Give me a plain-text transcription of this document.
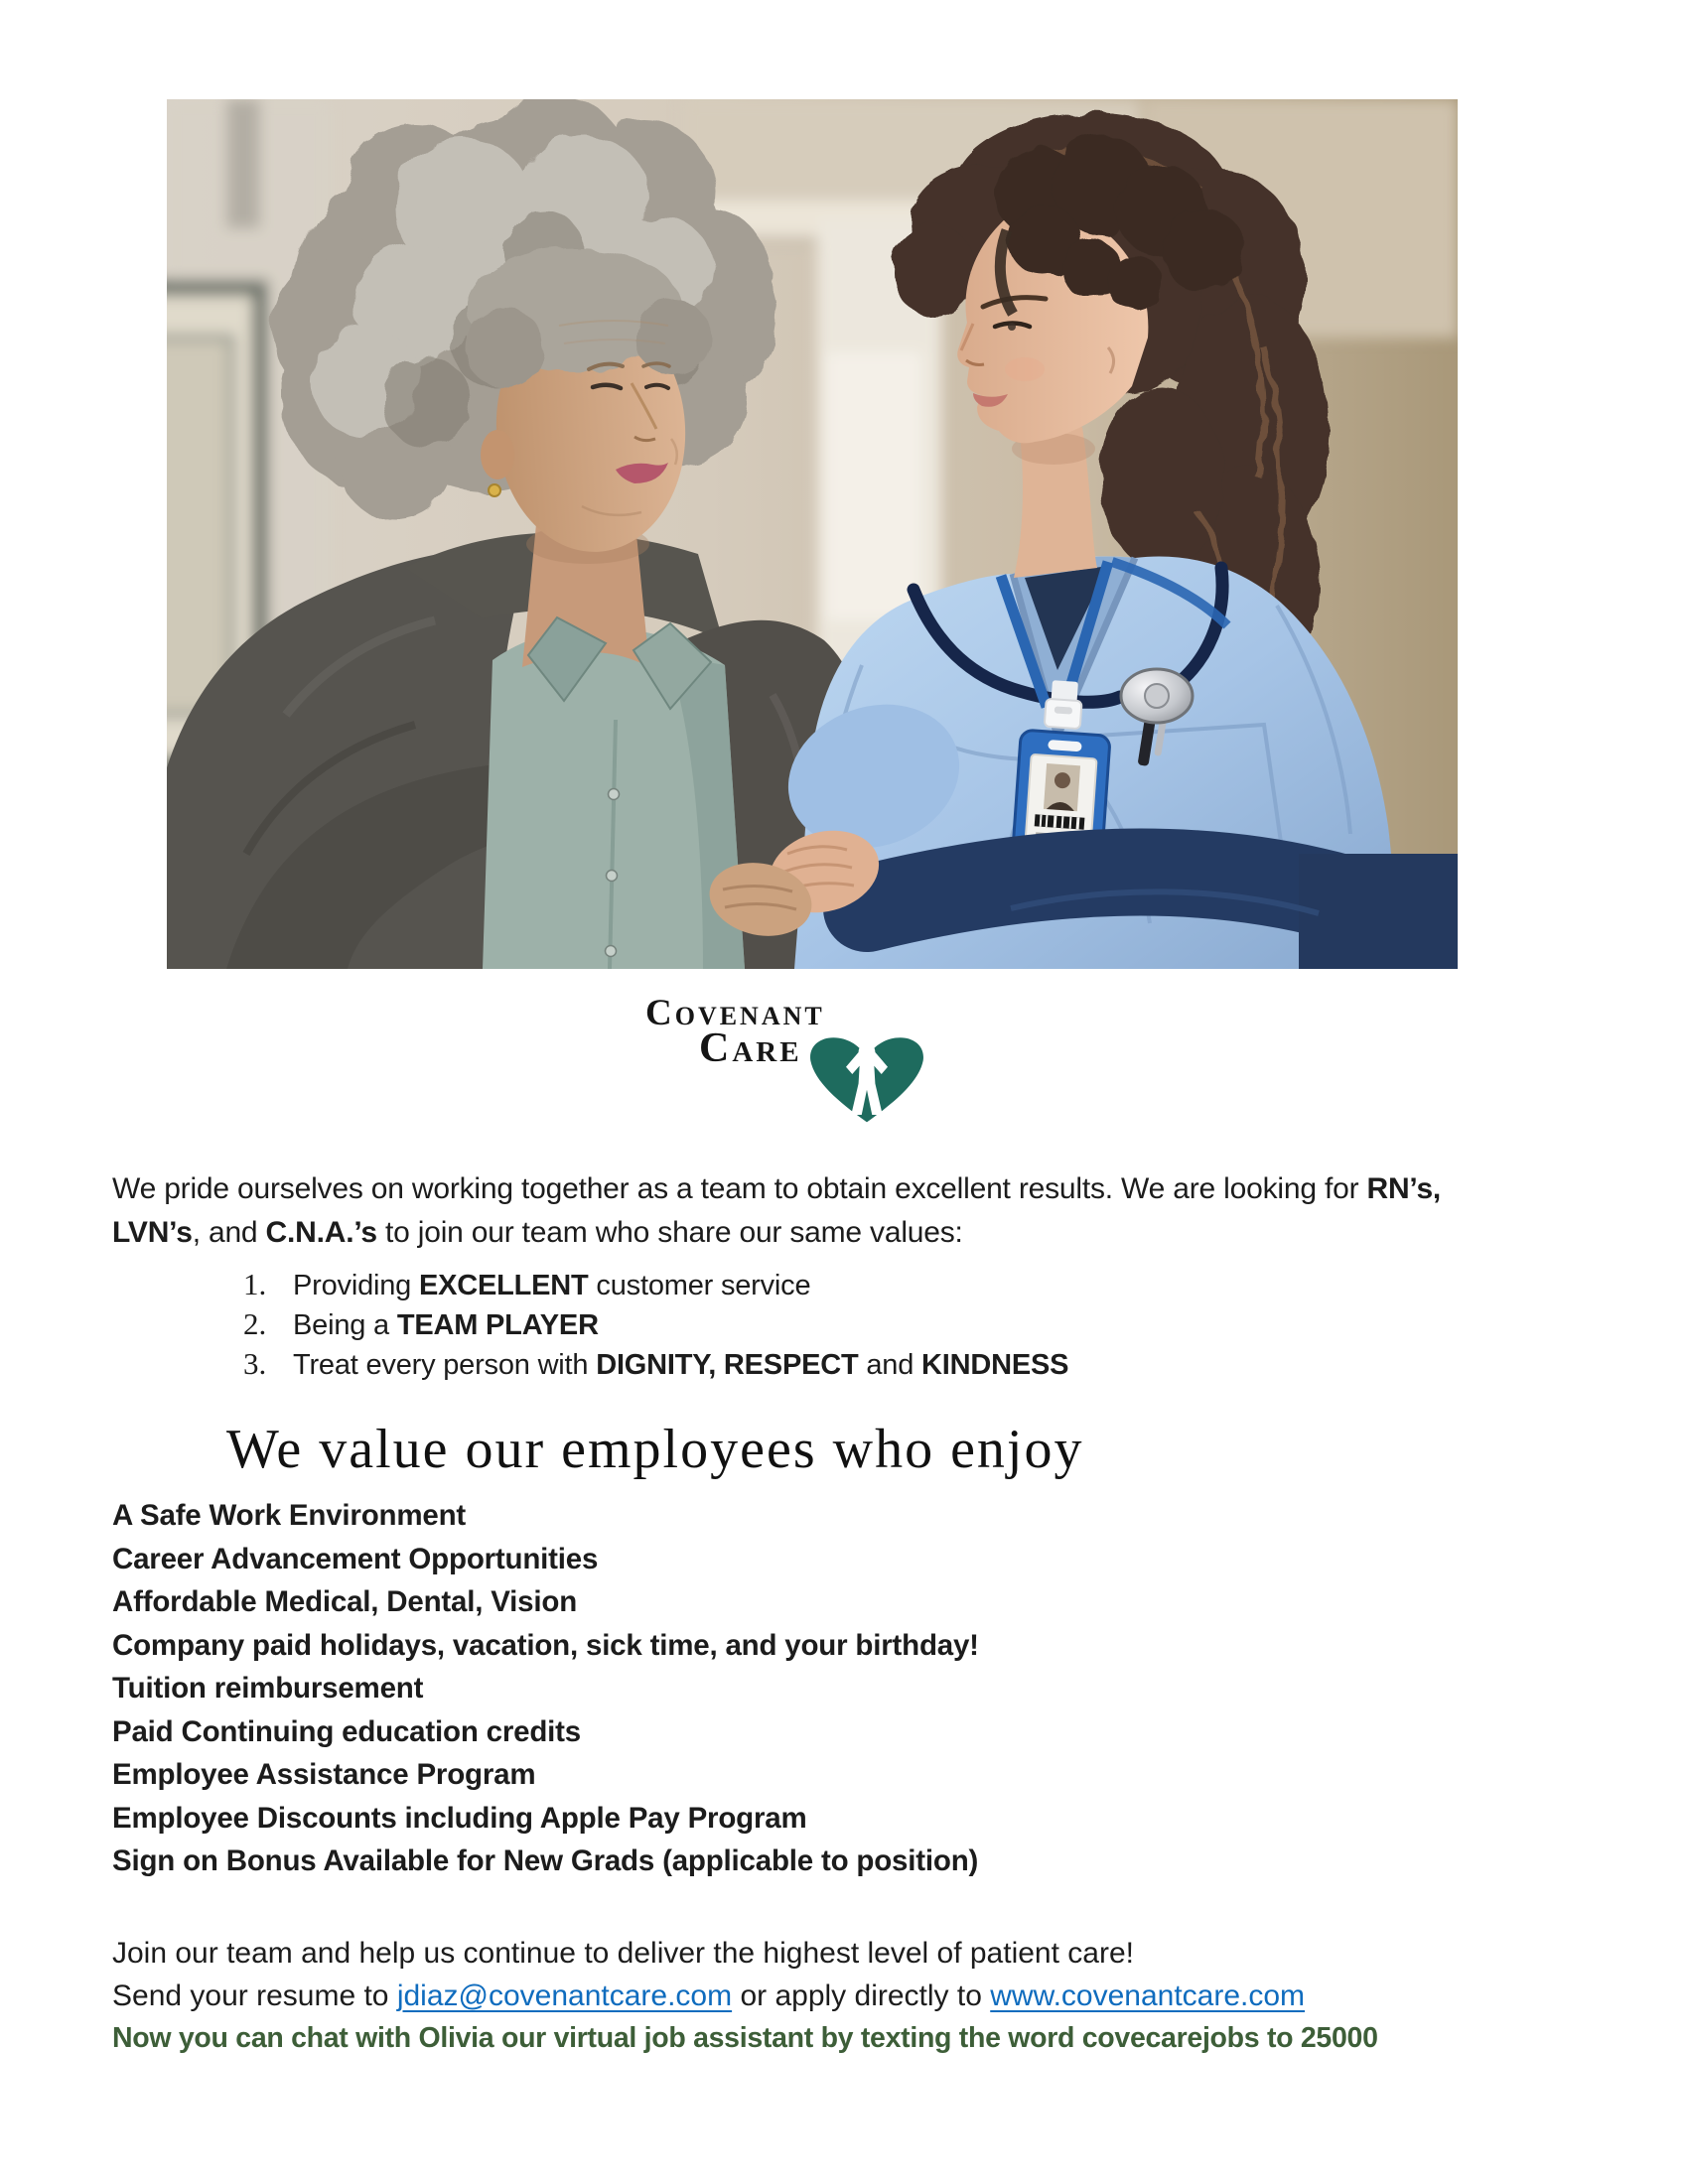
Covenant
Care
We pride ourselves on working together as a team to obtain excellent results. We are looking for RN’s,
LVN’s, and C.N.A.’s to join our team who share our same values:
1. Providing EXCELLENT customer service
2. Being a TEAM PLAYER
3. Treat every person with DIGNITY, RESPECT and KINDNESS
We value our employees who enjoy
A Safe Work Environment
Career Advancement Opportunities
Affordable Medical, Dental, Vision
Company paid holidays, vacation, sick time, and your birthday!
Tuition reimbursement
Paid Continuing education credits
Employee Assistance Program
Employee Discounts including Apple Pay Program
Sign on Bonus Available for New Grads (applicable to position)
Join our team and help us continue to deliver the highest level of patient care!
Send your resume to jdiaz@covenantcare.com or apply directly to www.covenantcare.com
Now you can chat with Olivia our virtual job assistant by texting the word covecarejobs to 25000
